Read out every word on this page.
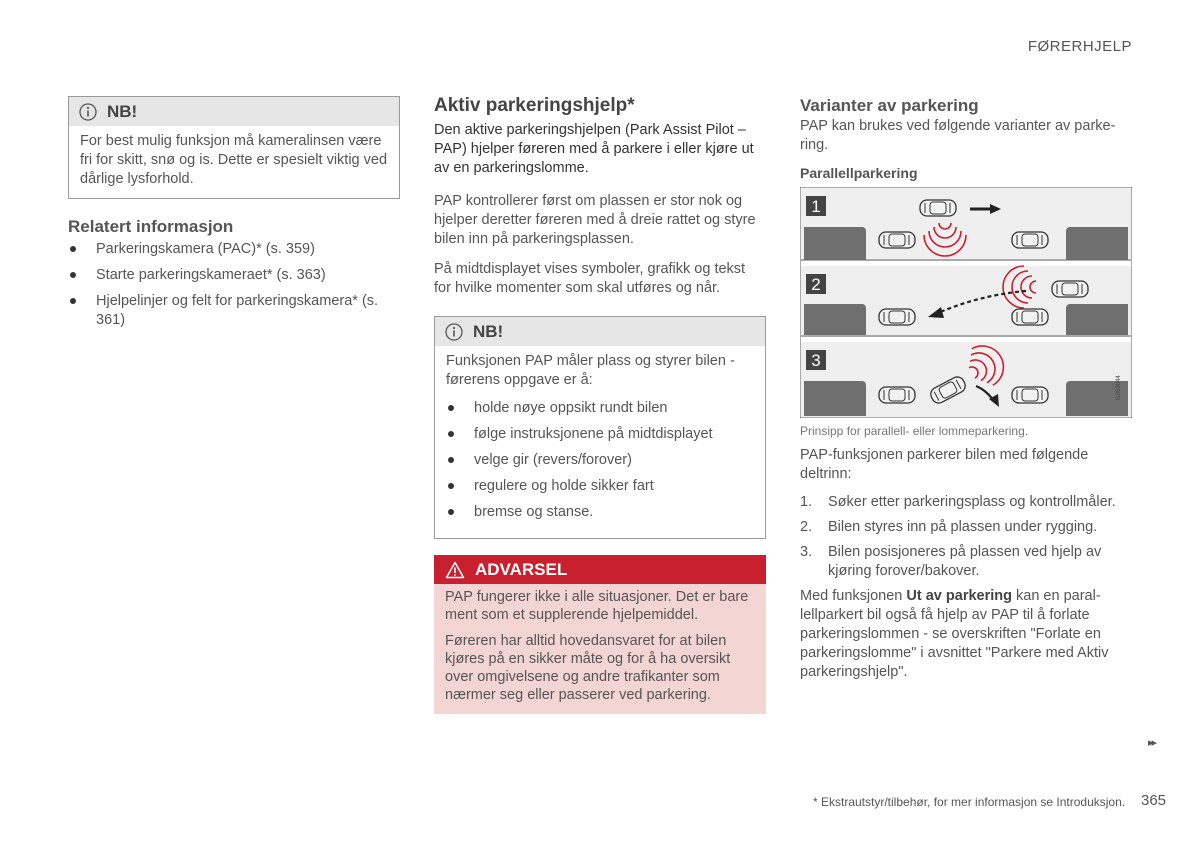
FØRERHJELP
NB!
For best mulig funksjon må kameralinsen være fri for skitt, snø og is. Dette er spesielt viktig ved dårlige lysforhold.
Relatert informasjon
Parkeringskamera (PAC)* (s. 359)
Starte parkeringskameraet* (s. 363)
Hjelpelinjer og felt for parkeringskamera* (s. 361)
Aktiv parkeringshjelp*
Den aktive parkeringshjelpen (Park Assist Pilot – PAP) hjelper føreren med å parkere i eller kjøre ut av en parkeringslomme.
PAP kontrollerer først om plassen er stor nok og hjelper deretter føreren med å dreie rattet og styre bilen inn på parkeringsplassen.
På midtdisplayet vises symboler, grafikk og tekst for hvilke momenter som skal utføres og når.
NB!
Funksjonen PAP måler plass og styrer bilen - førerens oppgave er å:
holde nøye oppsikt rundt bilen
følge instruksjonene på midtdisplayet
velge gir (revers/forover)
regulere og holde sikker fart
bremse og stanse.
ADVARSEL

PAP fungerer ikke i alle situasjoner. Det er bare ment som et supplerende hjelpemiddel.

Føreren har alltid hovedansvaret for at bilen kjøres på en sikker måte og for å ha oversikt over omgivelsene og andre trafikanter som nærmer seg eller passerer ved parkering.

Varianter av parkering
PAP kan brukes ved følgende varianter av parkering.
Parallellparkering
1
2
3
G053044
Prinsipp for parallell- eller lommeparkering.
PAP-funksjonen parkerer bilen med følgende deltrinn:
1. Søker etter parkeringsplass og kontrollmåler.
2. Bilen styres inn på plassen under rygging.
3. Bilen posisjoneres på plassen ved hjelp av kjøring forover/bakover.
Med funksjonen Ut av parkering kan en parallellparkert bil også få hjelp av PAP til å forlate parkeringslommen - se overskriften "Forlate en parkeringslomme" i avsnittet "Parkere med Aktiv parkeringshjelp".
▸▸
* Ekstrautstyr/tilbehør, for mer informasjon se Introduksjon. 365
